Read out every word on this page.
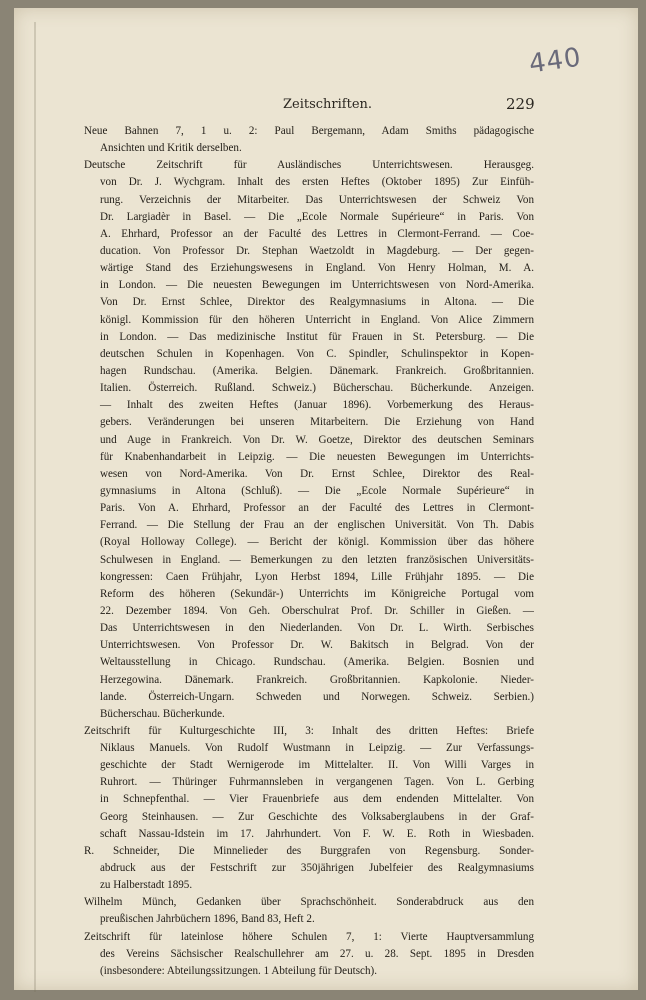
440
Zeitschriften.	229
Neue Bahnen 7, 1 u. 2: Paul Bergemann, Adam Smiths pädagogische
Ansichten und Kritik derselben.
Deutsche Zeitschrift für Ausländisches Unterrichtswesen. Herausgeg.
von Dr. J. Wychgram. Inhalt des ersten Heftes (Oktober 1895) Zur Einfüh-
rung. Verzeichnis der Mitarbeiter. Das Unterrichtswesen der Schweiz Von
Dr. Largiadèr in Basel. — Die „Ecole Normale Supérieure“ in Paris. Von
A. Ehrhard, Professor an der Faculté des Lettres in Clermont-Ferrand. — Coe-
ducation. Von Professor Dr. Stephan Waetzoldt in Magdeburg. — Der gegen-
wärtige Stand des Erziehungswesens in England. Von Henry Holman, M. A.
in London. — Die neuesten Bewegungen im Unterrichtswesen von Nord-Amerika.
Von Dr. Ernst Schlee, Direktor des Realgymnasiums in Altona. — Die
königl. Kommission für den höheren Unterricht in England. Von Alice Zimmern
in London. — Das medizinische Institut für Frauen in St. Petersburg. — Die
deutschen Schulen in Kopenhagen. Von C. Spindler, Schulinspektor in Kopen-
hagen Rundschau. (Amerika. Belgien. Dänemark. Frankreich. Großbritannien.
Italien. Österreich. Rußland. Schweiz.) Bücherschau. Bücherkunde. Anzeigen.
— Inhalt des zweiten Heftes (Januar 1896). Vorbemerkung des Heraus-
gebers. Veränderungen bei unseren Mitarbeitern. Die Erziehung von Hand
und Auge in Frankreich. Von Dr. W. Goetze, Direktor des deutschen Seminars
für Knabenhandarbeit in Leipzig. — Die neuesten Bewegungen im Unterrichts-
wesen von Nord-Amerika. Von Dr. Ernst Schlee, Direktor des Real-
gymnasiums in Altona (Schluß). — Die „Ecole Normale Supérieure“ in
Paris. Von A. Ehrhard, Professor an der Faculté des Lettres in Clermont-
Ferrand. — Die Stellung der Frau an der englischen Universität. Von Th. Dabis
(Royal Holloway College). — Bericht der königl. Kommission über das höhere
Schulwesen in England. — Bemerkungen zu den letzten französischen Universitäts-
kongressen: Caen Frühjahr, Lyon Herbst 1894, Lille Frühjahr 1895. — Die
Reform des höheren (Sekundär-) Unterrichts im Königreiche Portugal vom
22. Dezember 1894. Von Geh. Oberschulrat Prof. Dr. Schiller in Gießen. —
Das Unterrichtswesen in den Niederlanden. Von Dr. L. Wirth. Serbisches
Unterrichtswesen. Von Professor Dr. W. Bakitsch in Belgrad. Von der
Weltausstellung in Chicago. Rundschau. (Amerika. Belgien. Bosnien und
Herzegowina. Dänemark. Frankreich. Großbritannien. Kapkolonie. Nieder-
lande. Österreich-Ungarn. Schweden und Norwegen. Schweiz. Serbien.)
Bücherschau. Bücherkunde.
Zeitschrift für Kulturgeschichte III, 3: Inhalt des dritten Heftes: Briefe
Niklaus Manuels. Von Rudolf Wustmann in Leipzig. — Zur Verfassungs-
geschichte der Stadt Wernigerode im Mittelalter. II. Von Willi Varges in
Ruhrort. — Thüringer Fuhrmannsleben in vergangenen Tagen. Von L. Gerbing
in Schnepfenthal. — Vier Frauenbriefe aus dem endenden Mittelalter. Von
Georg Steinhausen. — Zur Geschichte des Volksaberglaubens in der Graf-
schaft Nassau-Idstein im 17. Jahrhundert. Von F. W. E. Roth in Wiesbaden.
R. Schneider, Die Minnelieder des Burggrafen von Regensburg. Sonder-
abdruck aus der Festschrift zur 350jährigen Jubelfeier des Realgymnasiums
zu Halberstadt 1895.
Wilhelm Münch, Gedanken über Sprachschönheit. Sonderabdruck aus den
preußischen Jahrbüchern 1896, Band 83, Heft 2.
Zeitschrift für lateinlose höhere Schulen 7, 1: Vierte Hauptversammlung
des Vereins Sächsischer Realschullehrer am 27. u. 28. Sept. 1895 in Dresden
(insbesondere: Abteilungssitzungen. 1 Abteilung für Deutsch).
